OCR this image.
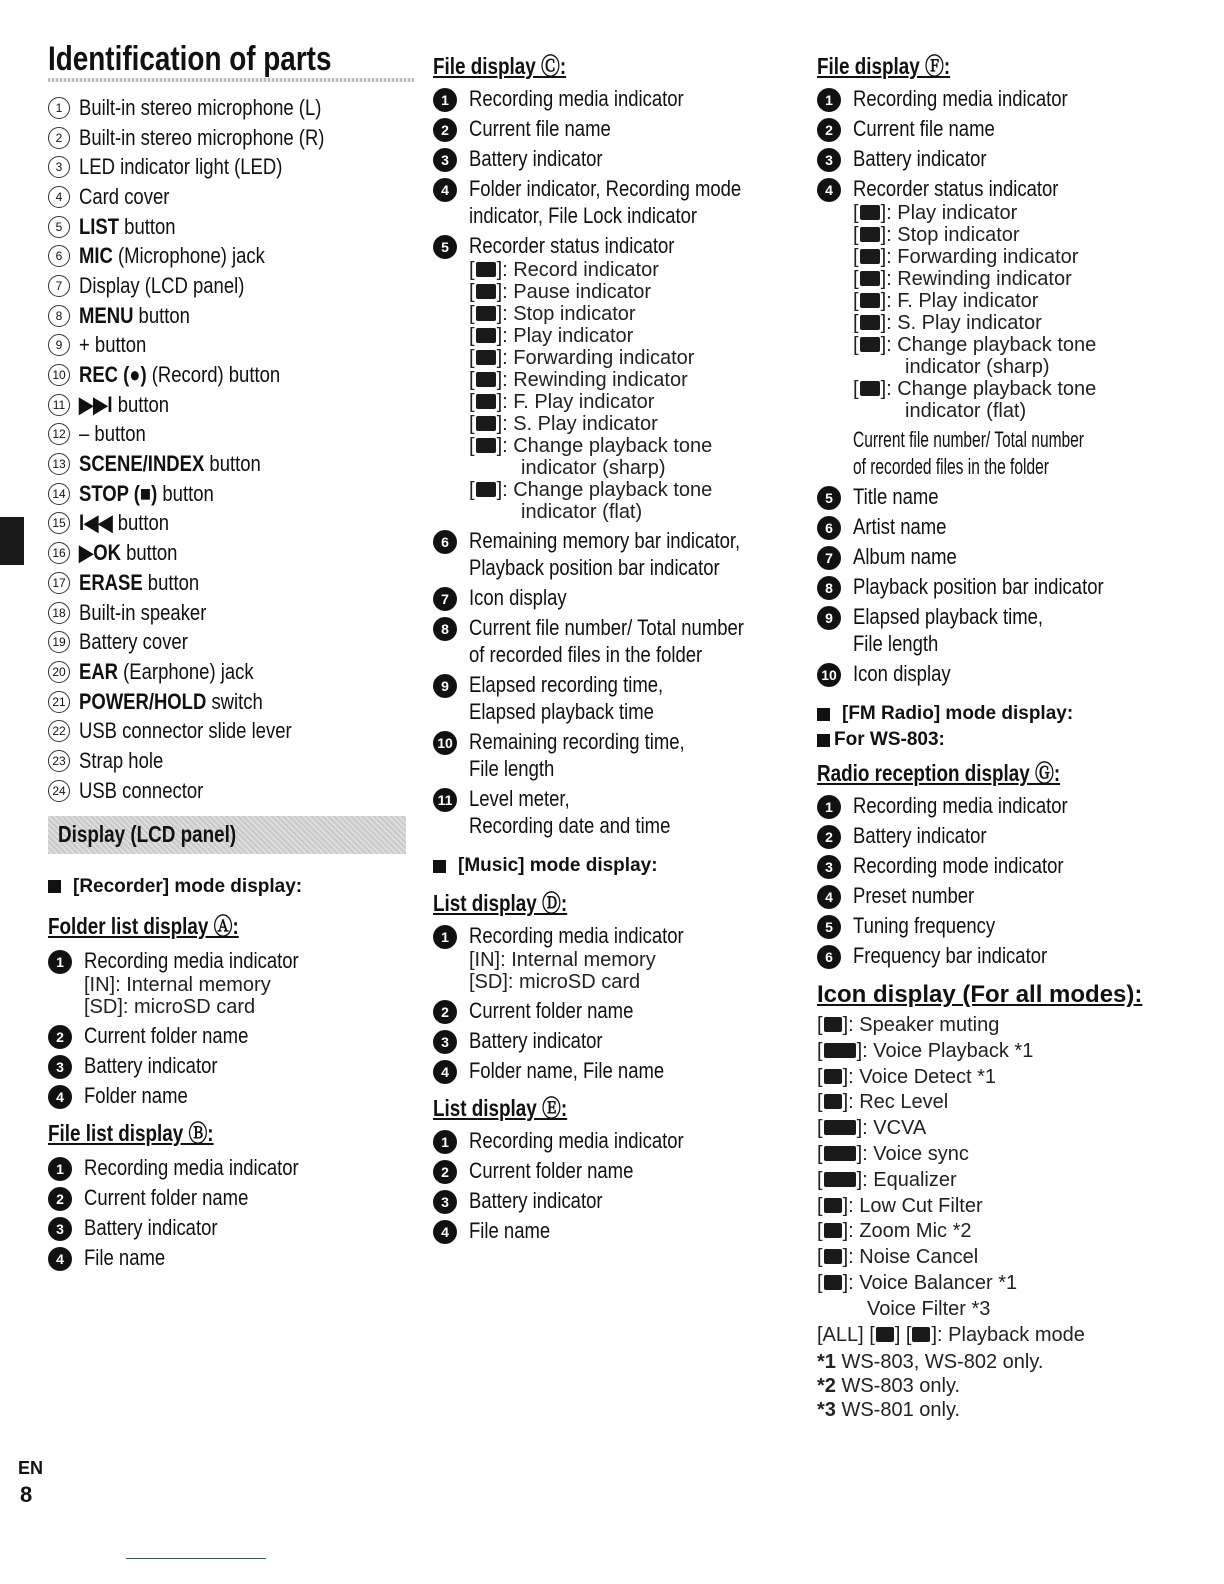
Identification of parts
1 Built-in stereo microphone (L)
2 Built-in stereo microphone (R)
3 LED indicator light (LED)
4 Card cover
5 LIST button
6 MIC (Microphone) jack
7 Display (LCD panel)
8 MENU button
9 + button
10 REC (●) (Record) button
11 ▶▶I button
12 – button
13 SCENE/INDEX button
14 STOP (■) button
15 I◀◀ button
16 ▶OK button
17 ERASE button
18 Built-in speaker
19 Battery cover
20 EAR (Earphone) jack
21 POWER/HOLD switch
22 USB connector slide lever
23 Strap hole
24 USB connector
Display (LCD panel)
[Recorder] mode display:
Folder list display Ⓐ:
1 Recording media indicator
[IN]: Internal memory
[SD]: microSD card
2 Current folder name
3 Battery indicator
4 Folder name
File list display Ⓑ:
1 Recording media indicator
2 Current folder name
3 Battery indicator
4 File name
File display Ⓒ:
1 Recording media indicator
2 Current file name
3 Battery indicator
4 Folder indicator, Recording mode
indicator, File Lock indicator
5 Recorder status indicator
[ ]: Record indicator
[ ]: Pause indicator
[ ]: Stop indicator
[ ]: Play indicator
[ ]: Forwarding indicator
[ ]: Rewinding indicator
[ ]: F. Play indicator
[ ]: S. Play indicator
[ ]: Change playback tone
indicator (sharp)
[ ]: Change playback tone
indicator (flat)
6 Remaining memory bar indicator,
Playback position bar indicator
7 Icon display
8 Current file number/ Total number
of recorded files in the folder
9 Elapsed recording time,
Elapsed playback time
10 Remaining recording time,
File length
11 Level meter,
Recording date and time
[Music] mode display:
List display Ⓓ:
1 Recording media indicator
[IN]: Internal memory
[SD]: microSD card
2 Current folder name
3 Battery indicator
4 Folder name, File name
List display Ⓔ:
1 Recording media indicator
2 Current folder name
3 Battery indicator
4 File name
File display Ⓕ:
1 Recording media indicator
2 Current file name
3 Battery indicator
4 Recorder status indicator
[ ]: Play indicator
[ ]: Stop indicator
[ ]: Forwarding indicator
[ ]: Rewinding indicator
[ ]: F. Play indicator
[ ]: S. Play indicator
[ ]: Change playback tone
indicator (sharp)
[ ]: Change playback tone
indicator (flat)
Current file number/ Total number
of recorded files in the folder
5 Title name
6 Artist name
7 Album name
8 Playback position bar indicator
9 Elapsed playback time,
File length
10 Icon display
[FM Radio] mode display:
For WS-803:
Radio reception display Ⓖ:
1 Recording media indicator
2 Battery indicator
3 Recording mode indicator
4 Preset number
5 Tuning frequency
6 Frequency bar indicator
Icon display (For all modes):
[ ]: Speaker muting
[ ]: Voice Playback *1
[ ]: Voice Detect *1
[ ]: Rec Level
[ ]: VCVA
[ ]: Voice sync
[ ]: Equalizer
[ ]: Low Cut Filter
[ ]: Zoom Mic *2
[ ]: Noise Cancel
[ ]: Voice Balancer *1
Voice Filter *3
[ALL] [ ] [ ]: Playback mode
*1 WS-803, WS-802 only.
*2 WS-803 only.
*3 WS-801 only.
EN
8
